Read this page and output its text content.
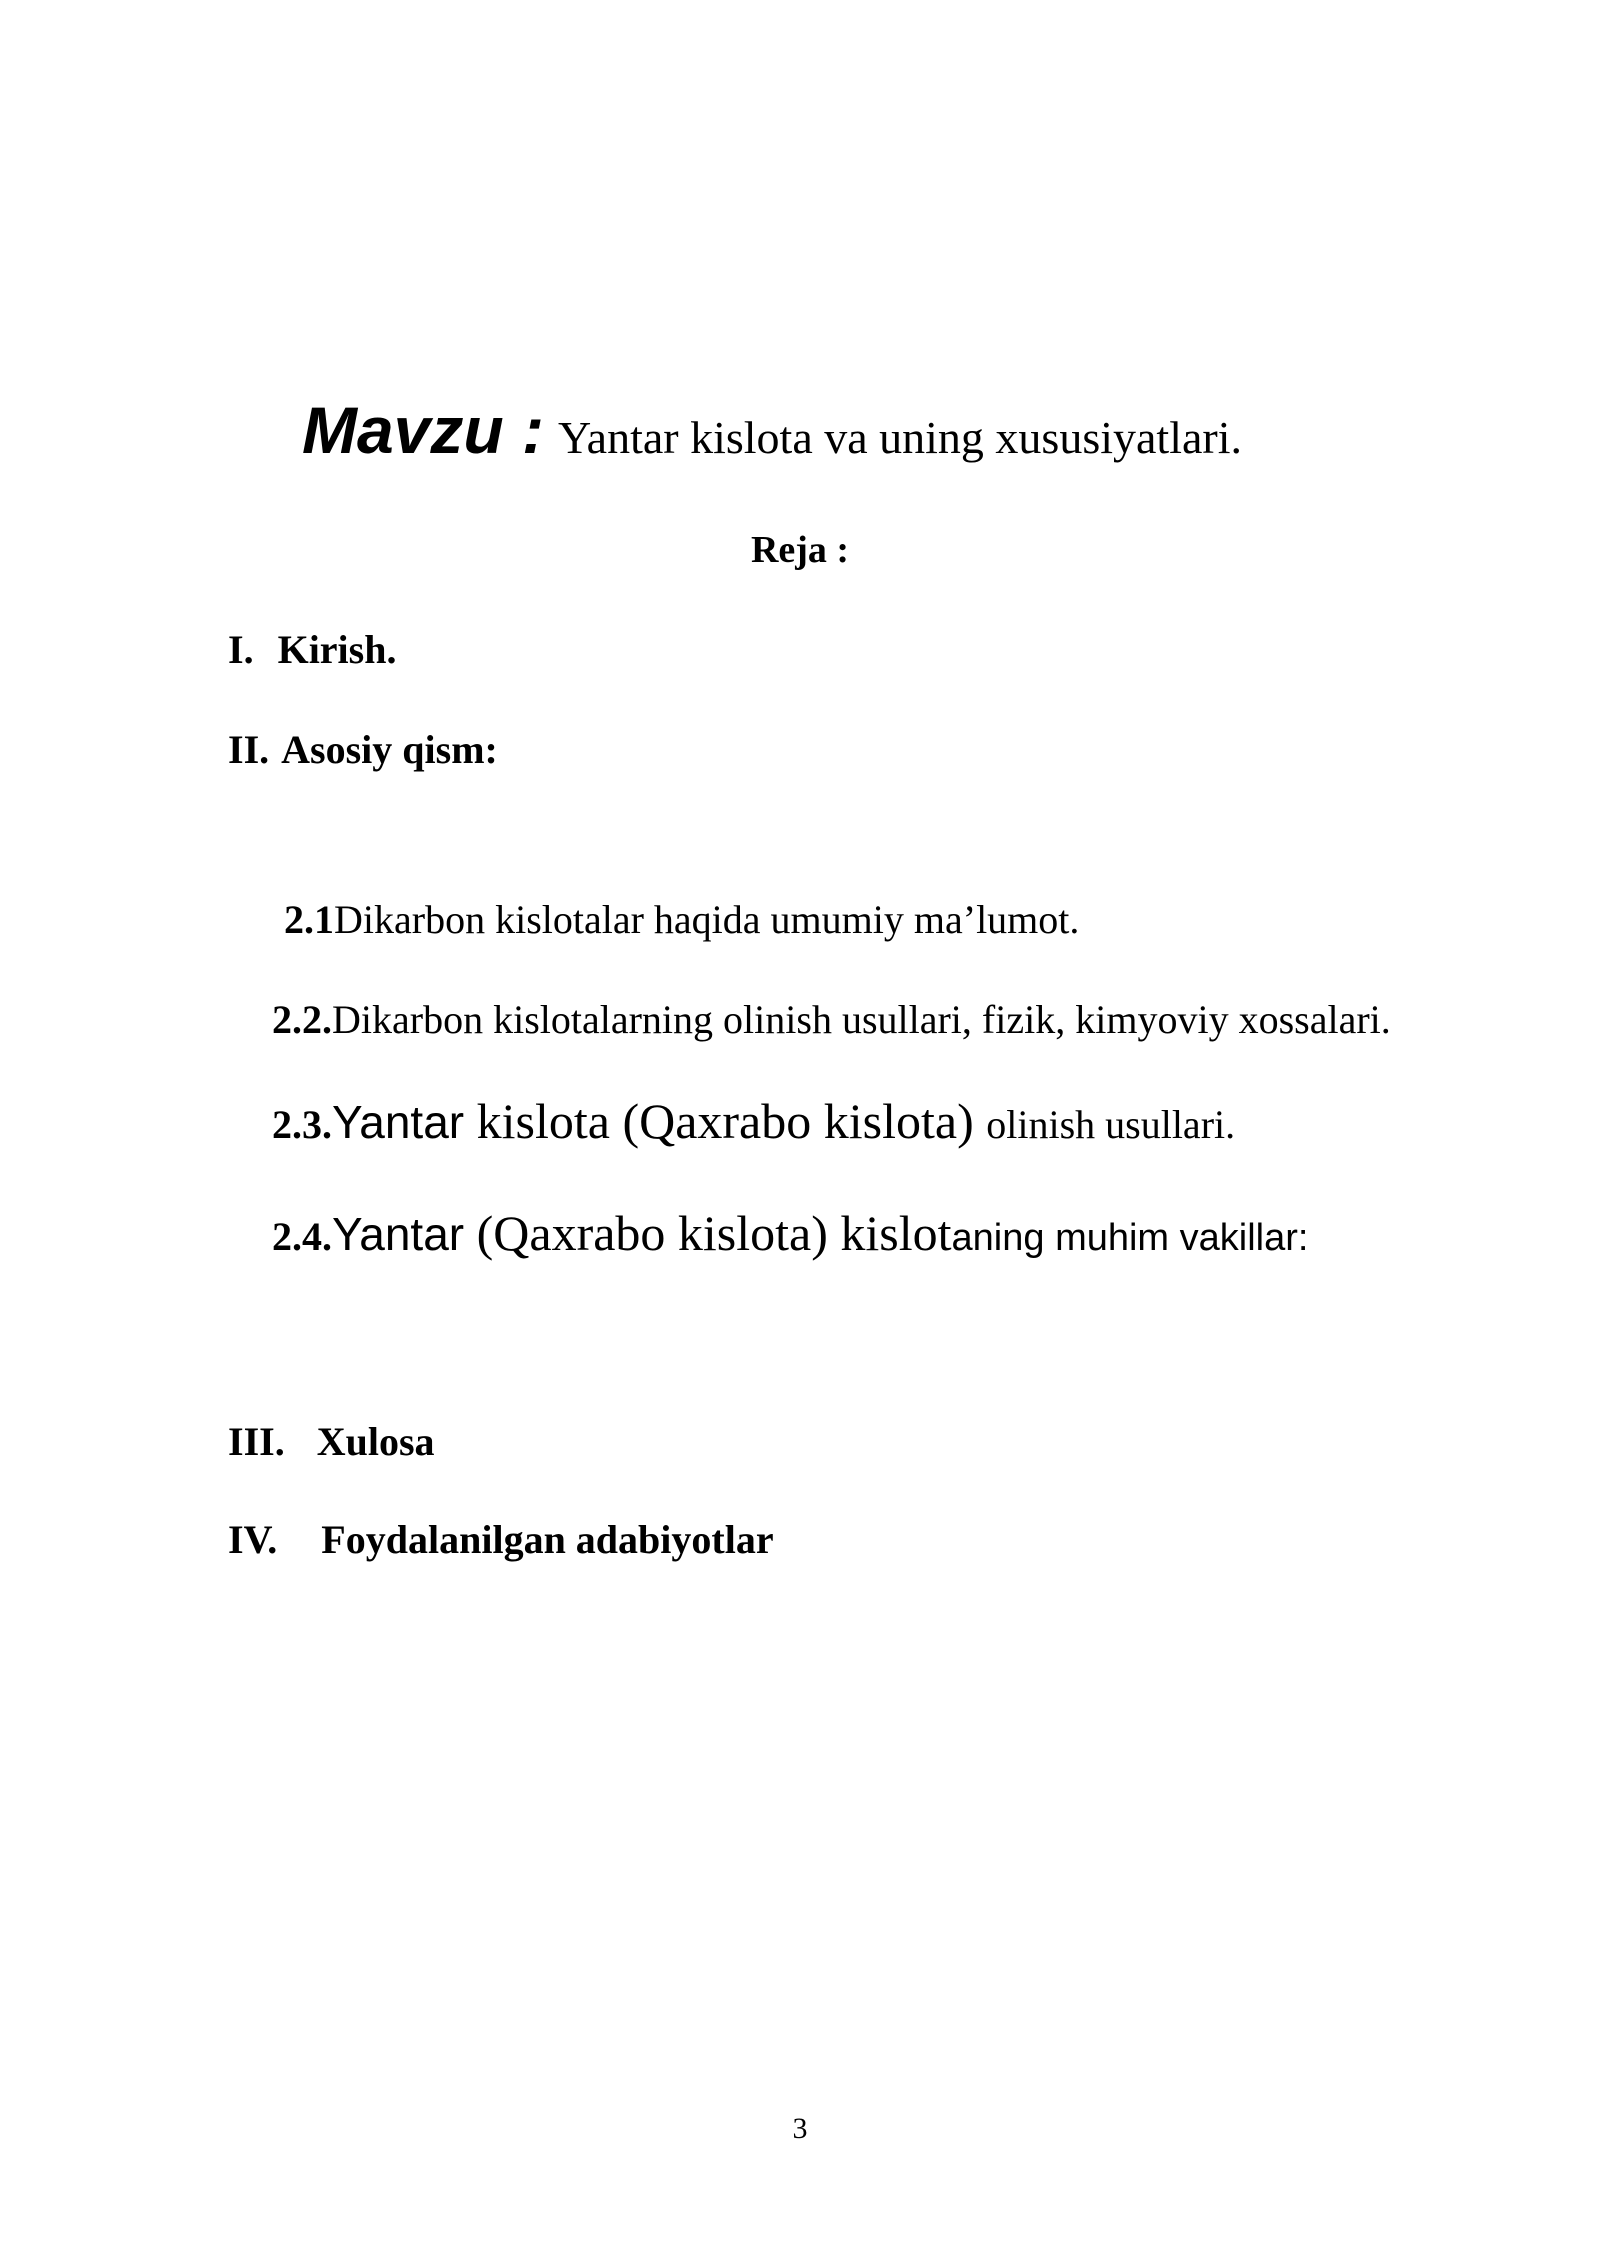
Mavzu : Yantar kislota va uning xususiyatlari.
Reja :
I. Kirish.
II. Asosiy qism:
2.1Dikarbon kislotalar haqida umumiy ma’lumot.
2.2.Dikarbon kislotalarning olinish usullari, fizik, kimyoviy xossalari.
2.3.Yantar kislota (Qaxrabo kislota) olinish usullari.
2.4.Yantar (Qaxrabo kislota) kislotaning muhim vakillar:
III. Xulosa
IV. Foydalanilgan adabiyotlar
3
